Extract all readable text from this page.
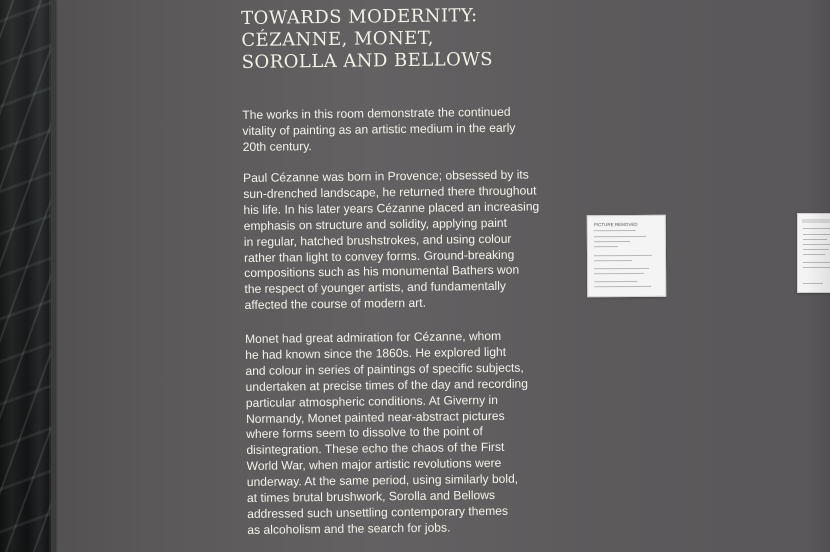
TOWARDS MODERNITY:
CÉZANNE, MONET,
SOROLLA AND BELLOWS

The works in this room demonstrate the continued
vitality of painting as an artistic medium in the early
20th century.

Paul Cézanne was born in Provence; obsessed by its
sun-drenched landscape, he returned there throughout
his life. In his later years Cézanne placed an increasing
emphasis on structure and solidity, applying paint
in regular, hatched brushstrokes, and using colour
rather than light to convey forms. Ground-breaking
compositions such as his monumental Bathers won
the respect of younger artists, and fundamentally
affected the course of modern art.

Monet had great admiration for Cézanne, whom
he had known since the 1860s. He explored light
and colour in series of paintings of specific subjects,
undertaken at precise times of the day and recording
particular atmospheric conditions. At Giverny in
Normandy, Monet painted near-abstract pictures
where forms seem to dissolve to the point of
disintegration. These echo the chaos of the First
World War, when major artistic revolutions were
underway. At the same period, using similarly bold,
at times brutal brushwork, Sorolla and Bellows
addressed such unsettling contemporary themes
as alcoholism and the search for jobs.

PICTURE REMOVED
